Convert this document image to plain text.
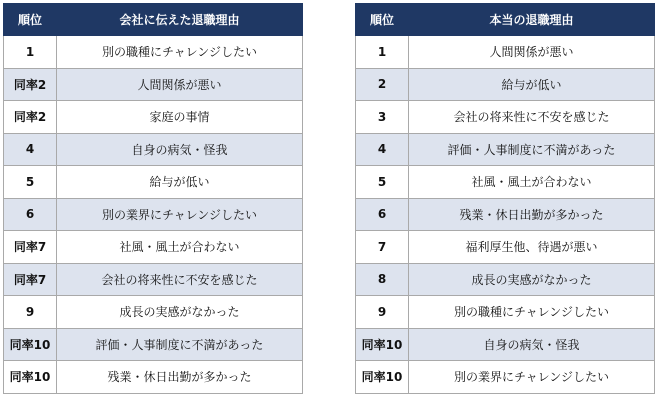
順位	会社に伝えた退職理由
1	別の職種にチャレンジしたい
同率2	人間関係が悪い
同率2	家庭の事情
4	自身の病気・怪我
5	給与が低い
6	別の業界にチャレンジしたい
同率7	社風・風土が合わない
同率7	会社の将来性に不安を感じた
9	成長の実感がなかった
同率10	評価・人事制度に不満があった
同率10	残業・休日出勤が多かった
順位	本当の退職理由
1	人間関係が悪い
2	給与が低い
3	会社の将来性に不安を感じた
4	評価・人事制度に不満があった
5	社風・風土が合わない
6	残業・休日出勤が多かった
7	福利厚生他、待遇が悪い
8	成長の実感がなかった
9	別の職種にチャレンジしたい
同率10	自身の病気・怪我
同率10	別の業界にチャレンジしたい
